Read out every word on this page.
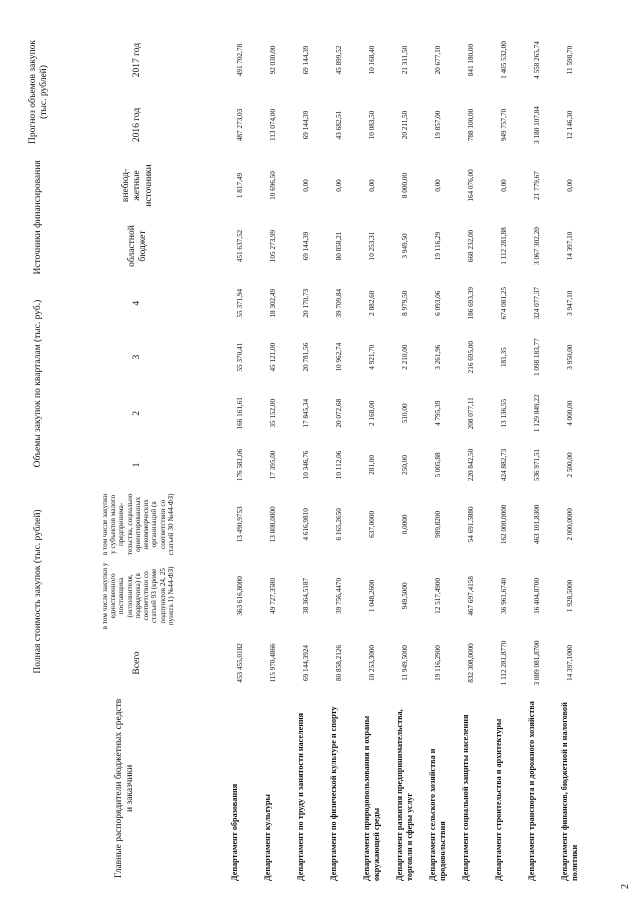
2
Главные распорядители бюджетных средств и заказчики	Полная стоимость закупок (тыс. рублей)			Объемы закупок по кварталам (тыс. руб.)				Источники финансирования		Прогноз объемов закупок (тыс. рублей)	
	Всего	в том числе закупки у единственного поставщика (исполнителя, подрядчика) (в соответствии со статьей 93 (кроме подпунктов 24, 25 пункта 1) №44-ФЗ)	в том числе закупки у субъектов малого предпринима-тельства, социально ориентированных некоммерческих организаций (в соответствии со статьей 30 №44-ФЗ)	1	2	3	4	областной бюджет	внебюд-жетные источники		
										2016 год	2017 год
Департамент образования	453 455,0182	363 616,8000	13 490,9753	176 581,06	166 161,61	55 370,41	55 371,94	451 637,52	1 817,49	487 273,03	491 702,78
Департамент культуры	115 970,4866	49 727,3580	13 808,0000	17 395,00	35 152,00	45 121,00	18 302,49	105 273,99	10 696,50	113 074,00	92 030,00
Департамент по труду и занятости населения	69 144,3924	38 364,5187	4 616,9810	10 346,76	17 845,34	20 781,56	20 170,73	69 144,39	0,00	69 144,39	69 144,39
Департамент по физической культуре и спорту	80 858,2126	39 756,4470	6 165,2650	10 112,06	20 072,68	10 962,74	39 709,84	80 858,21	0,00	43 682,51	45 899,52
Департамент природопользования и охраны окружающей среды	10 253,3000	1 048,2600	637,0000	281,00	2 168,00	4 921,70	2 882,60	10 253,31	0,00	10 083,50	10 168,40
Департамент развития предпринимательства, торговли и сферы услуг	11 949,5000	949,5000	0,0000	250,00	510,00	2 210,00	8 979,50	3 949,50	8 000,00	20 211,50	21 311,50
Департамент сельского хозяйства и продовольствия	19 116,2900	12 517,4900	989,8200	5 005,88	4 795,39	3 261,96	6 093,06	19 116,29	0,00	19 857,00	20 677,10
Департамент социальной защиты населения	832 308,0000	467 697,4158	54 691,5880	220 842,50	208 077,11	216 695,00	186 693,39	668 232,00	164 076,00	788 100,00	841 180,00
Департамент строительства и архитектуры	1 112 281,8770	36 961,6740	162 000,0000	424 882,73	13 136,55	181,35	674 081,25	1 112 281,88	0,00	949 757,70	1 405 532,00
Департамент транспорта и дорожного хозяйства	3 089 081,8700	16 404,8700	463 101,8300	536 971,51	1 129 849,22	1 098 183,77	324 077,37	3 067 302,20	21 779,67	3 180 107,84	4 558 265,74
Департамент финансов, бюджетной и налоговой политики	14 397,1000	1 928,5000	2 000,0000	2 500,00	4 000,00	3 950,00	3 947,10	14 397,10	0,00	12 146,30	11 598,70
